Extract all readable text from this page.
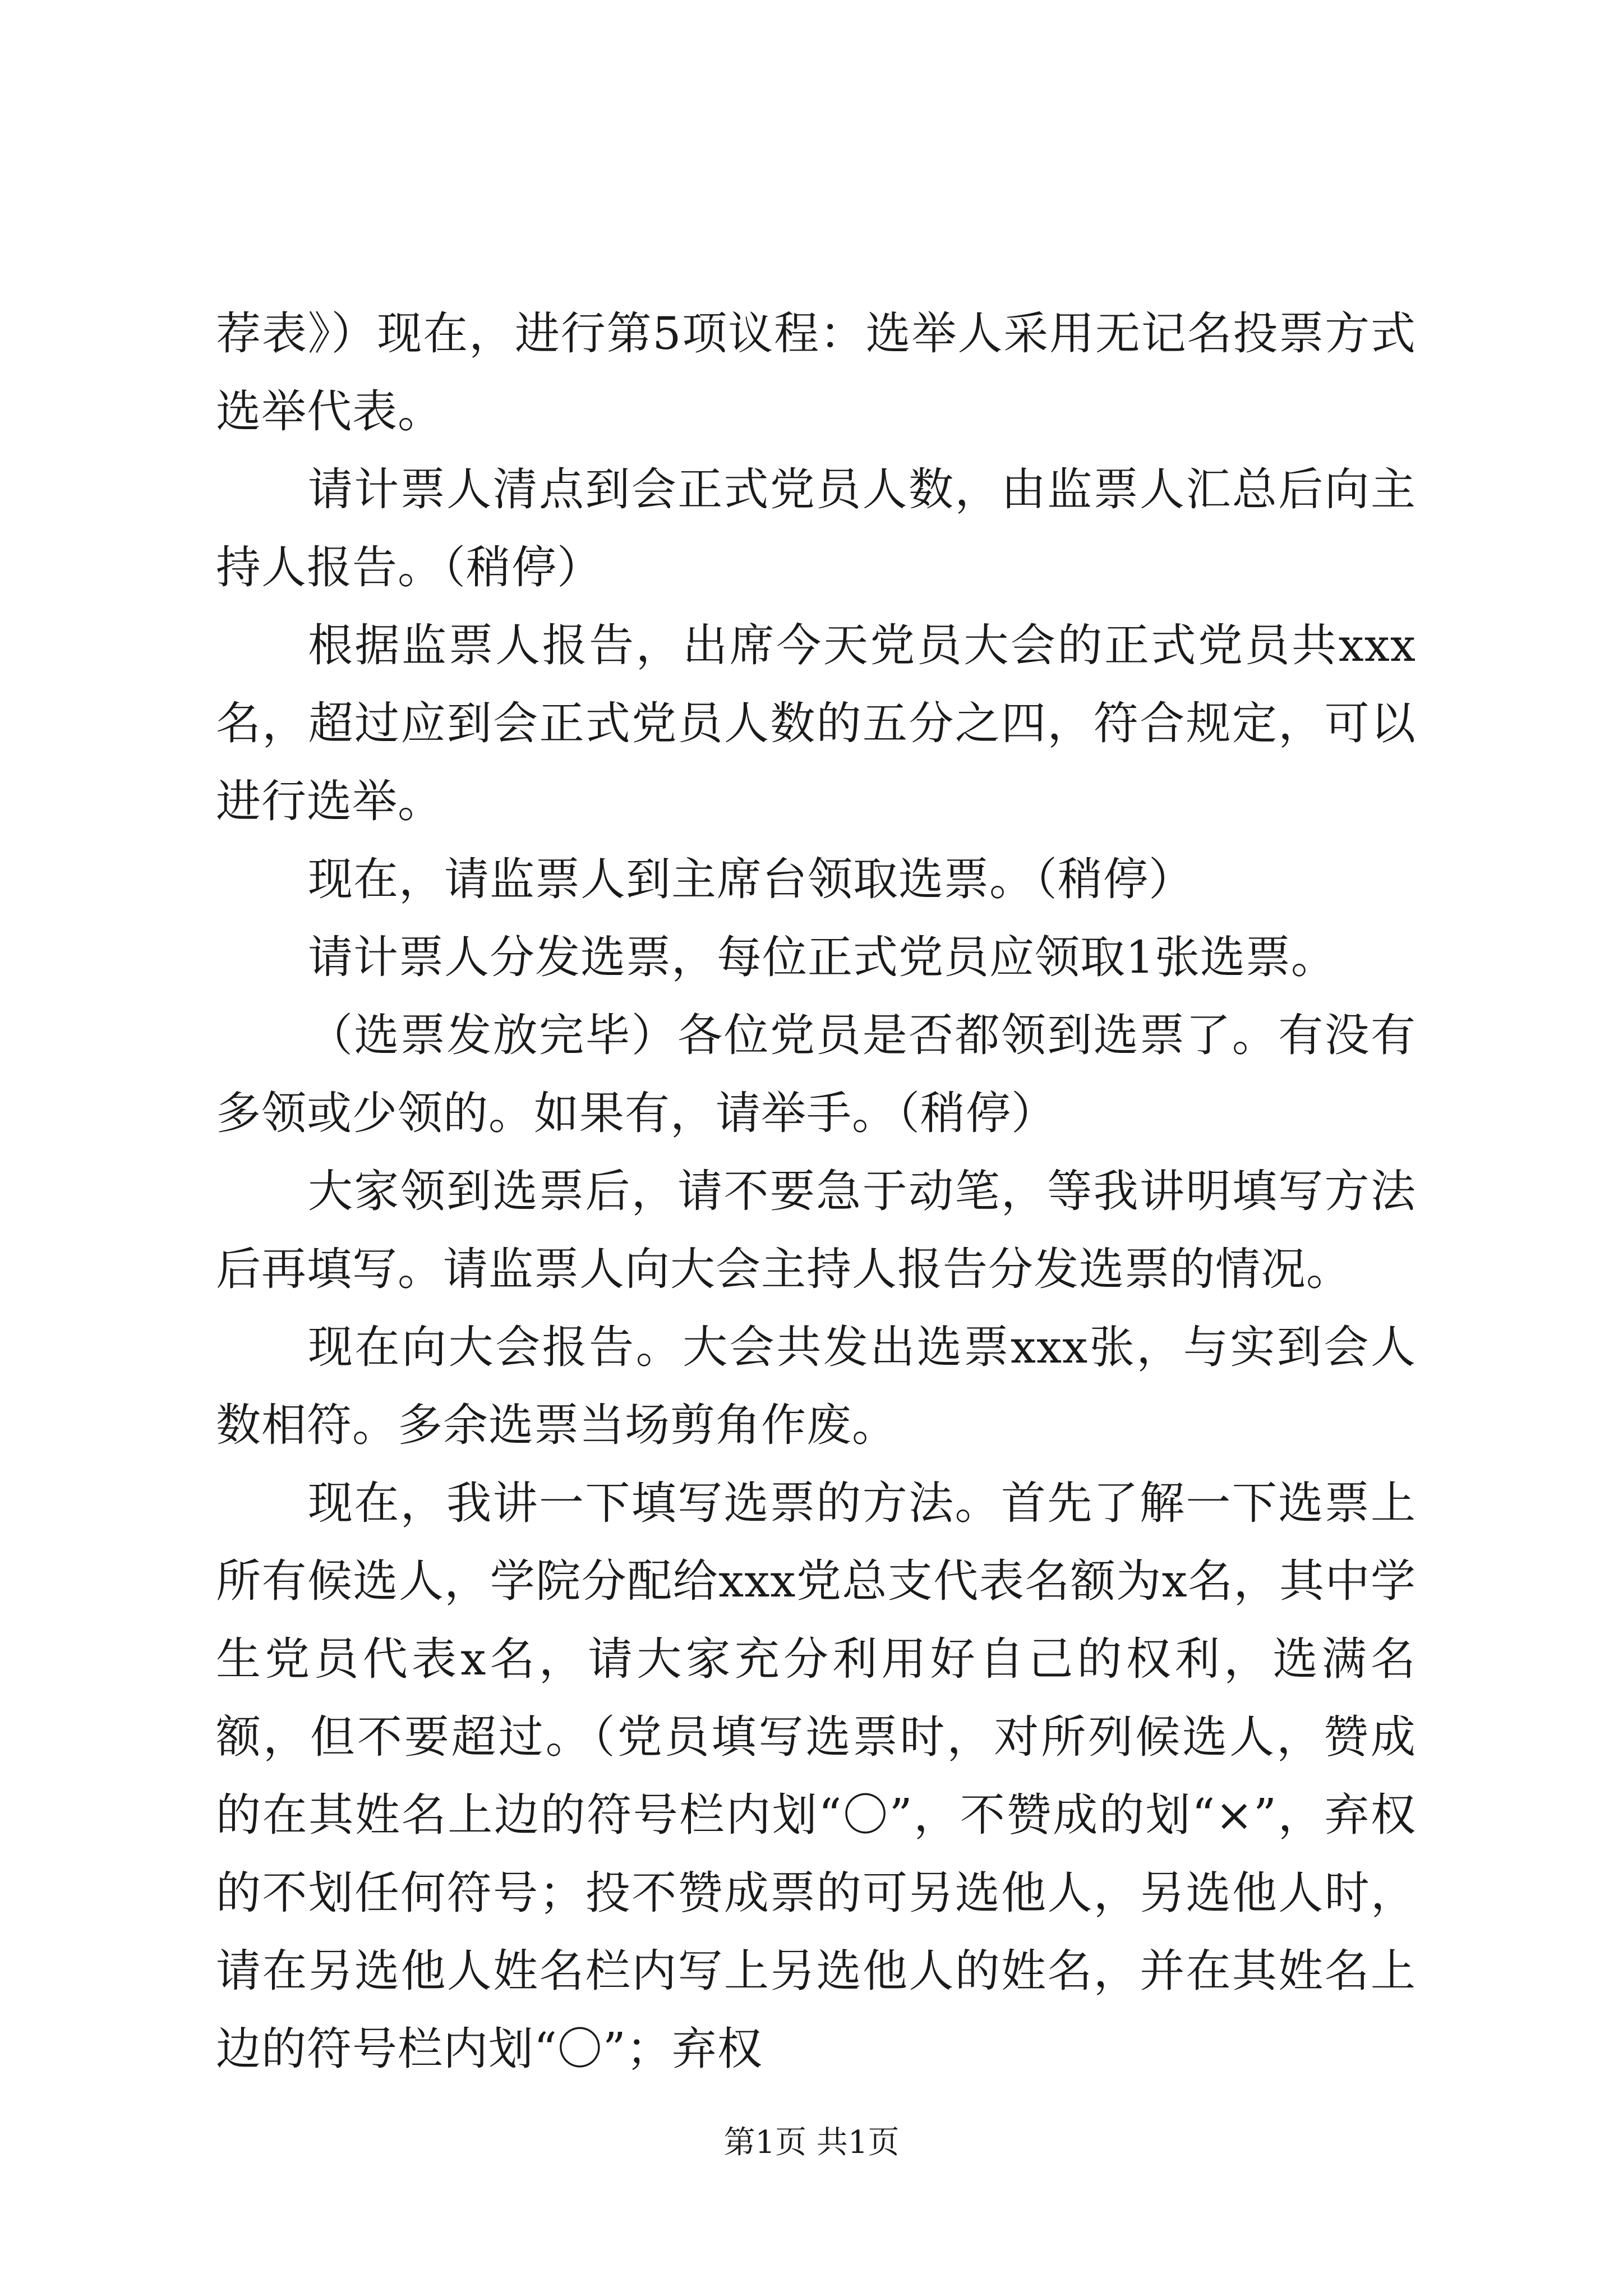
荐表》）现在，进行第5项议程：选举人采用无记名投票方式选举代表。

请计票人清点到会正式党员人数，由监票人汇总后向主持人报告。（稍停）

根据监票人报告，出席今天党员大会的正式党员共xxx名，超过应到会正式党员人数的五分之四，符合规定，可以进行选举。

现在，请监票人到主席台领取选票。（稍停）

请计票人分发选票，每位正式党员应领取1张选票。

（选票发放完毕）各位党员是否都领到选票了。有没有多领或少领的。如果有，请举手。（稍停）

大家领到选票后，请不要急于动笔，等我讲明填写方法后再填写。请监票人向大会主持人报告分发选票的情况。

现在向大会报告。大会共发出选票xxx张，与实到会人数相符。多余选票当场剪角作废。

现在，我讲一下填写选票的方法。首先了解一下选票上所有候选人，学院分配给xxx党总支代表名额为x名，其中学生党员代表x名，请大家充分利用好自己的权利，选满名额，但不要超过。（党员填写选票时，对所列候选人，赞成的在其姓名上边的符号栏内划“〇”，不赞成的划“×”，弃权的不划任何符号；投不赞成票的可另选他人，另选他人时，请在另选他人姓名栏内写上另选他人的姓名，并在其姓名上边的符号栏内划“〇”；弃权

第1页 共1页
